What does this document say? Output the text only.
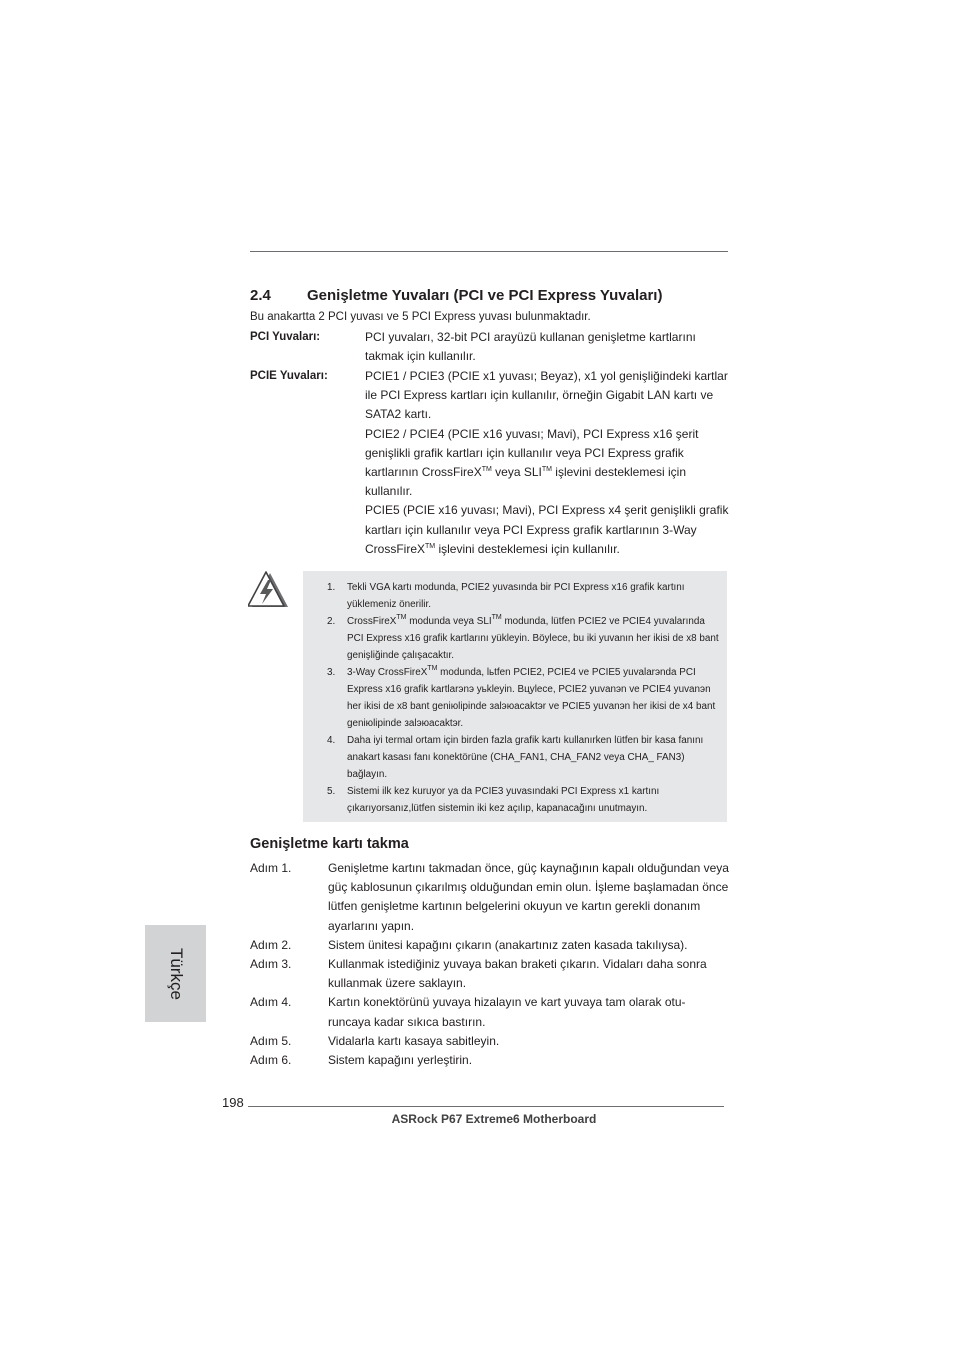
2.4 Genişletme Yuvaları (PCI ve PCI Express Yuvaları)
Bu anakartta 2 PCI yuvası ve 5 PCI Express yuvası bulunmaktadır.
PCI Yuvaları:	PCI yuvaları, 32-bit PCI arayüzü kullanan genişletme kartlarını takmak için kullanılır.

PCIE Yuvaları:	PCIE1 / PCIE3 (PCIE x1 yuvası; Beyaz), x1 yol genişliğindeki kartlar ile PCI Express kartları için kullanılır, örneğin Gigabit LAN kartı ve SATA2 kartı.

PCIE2 / PCIE4 (PCIE x16 yuvası; Mavi), PCI Express x16 şerit genişlikli grafik kartları için kullanılır veya PCI Express grafik kartlarının CrossFireX™ veya SLI™ işlevini desteklemesi için kullanılır.

PCIE5 (PCIE x16 yuvası; Mavi), PCI Express x4 şerit genişlikli grafik kartları için kullanılır veya PCI Express grafik kartlarının 3-Way CrossFireX™ işlevini desteklemesi için kullanılır.

1. Tekli VGA kartı modunda, PCIE2 yuvasında bir PCI Express x16 grafik kartını yüklemeniz önerilir.
2. CrossFireX™ modunda veya SLI™ modunda, lütfen PCIE2 ve PCIE4 yuvalarında PCI Express x16 grafik kartlarını yükleyin. Böylece, bu iki yuvanın her ikisi de x8 bant genişliğinde çalışacaktır.
3. 3-Way CrossFireX™ modunda, lьtfen PCIE2, PCIE4 ve PCIE5 yuvalarэnda PCI Express x16 grafik kartlarэnэ yьkleyin. Bцylece, PCIE2 yuvanэn ve PCIE4 yuvanэn her ikisi de x8 bant geniюlipinde зalэюacaktэr ve PCIE5 yuvanэn her ikisi de x4 bant geniюlipinde зalэюacaktэr.
4. Daha iyi termal ortam için birden fazla grafik kartı kullanırken lütfen bir kasa fanını anakart kasası fanı konektörüne (CHA_FAN1, CHA_FAN2 veya CHA_ FAN3) bağlayın.
5. Sistemi ilk kez kuruyor ya da PCIE3 yuvasındaki PCI Express x1 kartını çıkarıyorsanız,lütfen sistemin iki kez açılıp, kapanacağını unutmayın.
Genişletme kartı takma
Adım 1.	Genişletme kartını takmadan önce, güç kaynağının kapalı olduğundan veya güç kablosunun çıkarılmış olduğundan emin olun. İşleme başlamadan önce lütfen genişletme kartının belgelerini okuyun ve kartın gerekli donanım ayarlarını yapın.
Adım 2.	Sistem ünitesi kapağını çıkarın (anakartınız zaten kasada takılıysa).
Adım 3.	Kullanmak istediğiniz yuvaya bakan braketi çıkarın. Vidaları daha sonra kullanmak üzere saklayın.
Adım 4.	Kartın konektörünü yuvaya hizalayın ve kart yuvaya tam olarak otu- runcaya kadar sıkıca bastırın.
Adım 5.	Vidalarla kartı kasaya sabitleyin.
Adım 6.	Sistem kapağını yerleştirin.
Türkçe
198
ASRock P67 Extreme6 Motherboard
